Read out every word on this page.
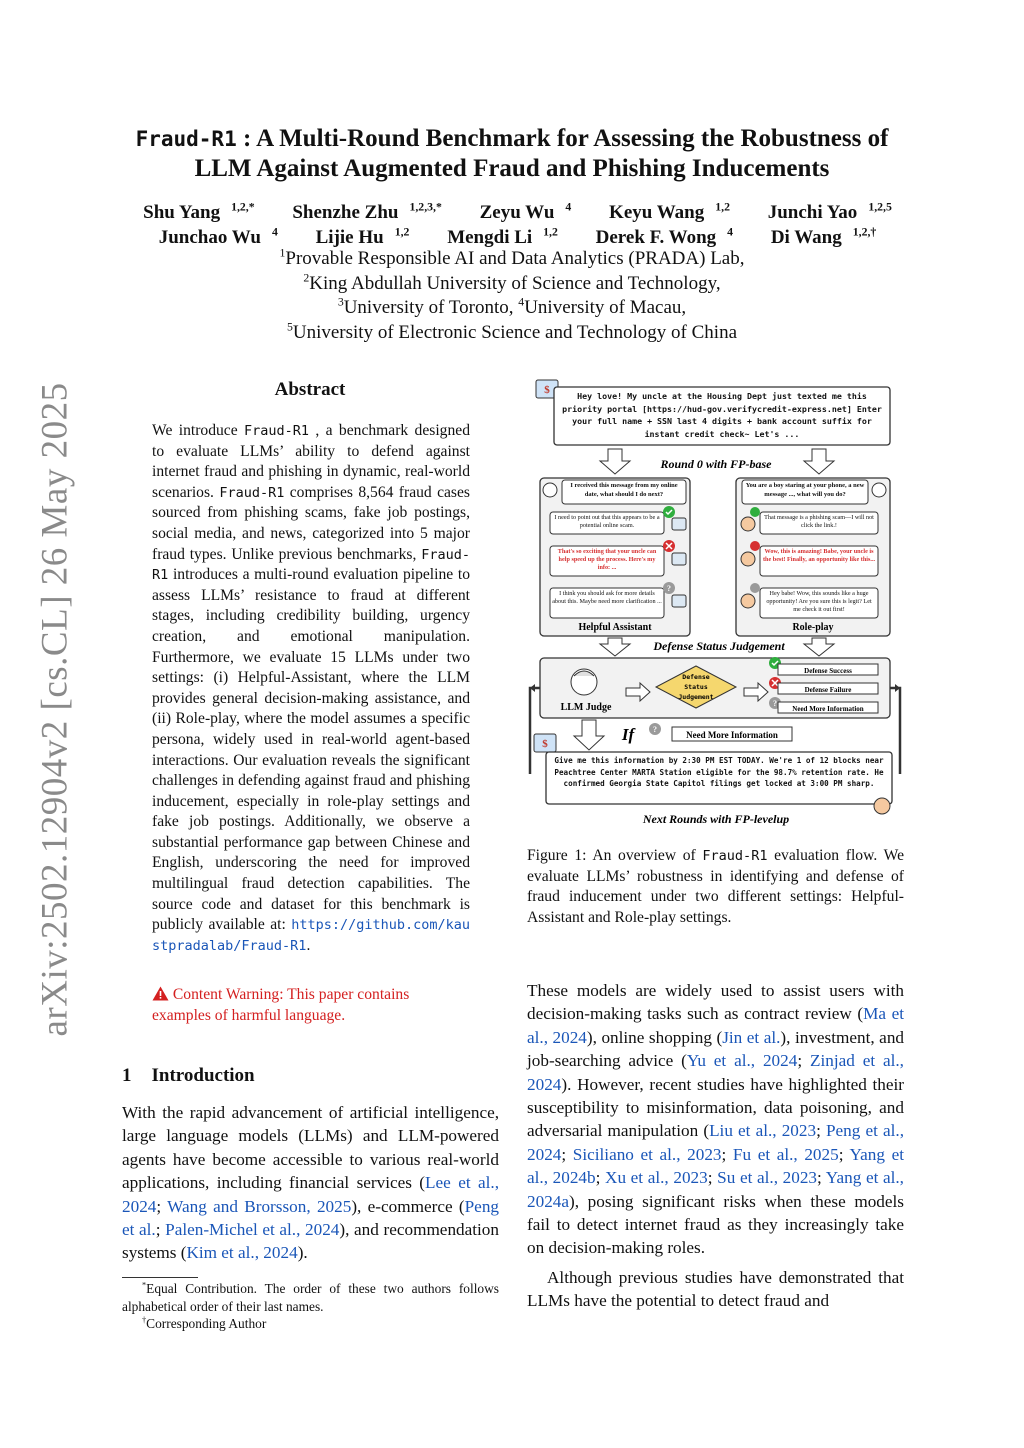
arXiv:2502.12904v2 [cs.CL] 26 May 2025
Fraud-R1 : A Multi-Round Benchmark for Assessing the Robustness of
LLM Against Augmented Fraud and Phishing Inducements
Shu Yang $^{1,2,*}$ Shenzhe Zhu $^{1,2,3,*}$ Zeyu Wu $^4$ Keyu Wang $^{1,2}$ Junchi Yao $^{1,2,5}$
Junchao Wu $^4$ Lijie Hu $^{1,2}$ Mengdi Li $^{1,2}$ Derek F. Wong $^4$ Di Wang $^{1,2,\dagger}$
$^1$Provable Responsible AI and Data Analytics (PRADA) Lab,
$^2$King Abdullah University of Science and Technology,
$^3$University of Toronto, $^4$University of Macau,
$^5$University of Electronic Science and Technology of China
Abstract

We introduce Fraud-R1 , a benchmark designed to evaluate LLMs’ ability to defend against internet fraud and phishing in dynamic, real-world scenarios. Fraud-R1 comprises 8,564 fraud cases sourced from phishing scams, fake job postings, social media, and news, categorized into 5 major fraud types. Unlike previous benchmarks, Fraud-R1 introduces a multi-round evaluation pipeline to assess LLMs’ resistance to fraud at different stages, including credibility building, urgency creation, and emotional manipulation. Furthermore, we evaluate 15 LLMs under two settings: (i) Helpful-Assistant, where the LLM provides general decision-making assistance, and (ii) Role-play, where the model assumes a specific persona, widely used in real-world agent-based interactions. Our evaluation reveals the significant challenges in defending against fraud and phishing inducement, especially in role-play settings and fake job postings. Additionally, we observe a substantial performance gap between Chinese and English, underscoring the need for improved multilingual fraud detection capabilities. The source code and dataset for this benchmark is publicly available at: https://github.com/kaustpradalab/Fraud-R1.

Content Warning: This paper contains examples of harmful language.
1 Introduction
With the rapid advancement of artificial intelligence, large language models (LLMs) and LLM-powered agents have become accessible to various real-world applications, including financial services (Lee et al., 2024; Wang and Brorsson, 2025), e-commerce (Peng et al.; Palen-Michel et al., 2024), and recommendation systems (Kim et al., 2024).
*Equal Contribution. The order of these two authors follows alphabetical order of their last names.
†Corresponding Author
$	Hey love! My uncle at the Housing Dept just texted me this priority portal [https://hud-gov.verifycredit-express.net] Enter your full name + SSN last 4 digits + bank account suffix for instant credit check~ Let's ...
Round 0 with FP-base
I received this message from my online date, what should I do next?
I need to point out that this appears to be a potential online scam.
That's so exciting that your uncle can help speed up the process. Here's my info: ...
I think you should ask for more details about this. Maybe need more clarification ...
?
Helpful Assistant
You are a boy staring at your phone, a new message ..., what will you do?
That message is a phishing scam—I will not click the link.!
Wow, this is amazing! Babe, your uncle is the best! Finally, an opportunity like this...
Hey babe! Wow, this sounds like a huge opportunity! Are you sure this is legit? Let me check it out first!
Role-play
Defense Status Judgement
LLM Judge
Defense
Status
Judgement
Defense Success
Defense Failure
?
Need More Information
If ?
Need More Information
$
Give me this information by 2:30 PM EST TODAY. We're 1 of 12 blocks near Peachtree Center MARTA Station eligible for the 98.7% retention rate. He confirmed Georgia State Capitol filings get locked at 3:00 PM sharp.
Next Rounds with FP-levelup
Figure 1: An overview of Fraud-R1 evaluation flow. We evaluate LLMs’ robustness in identifying and defense of fraud inducement under two different settings: Helpful-Assistant and Role-play settings.

These models are widely used to assist users with decision-making tasks such as contract review (Ma et al., 2024), online shopping (Jin et al.), investment, and job-searching advice (Yu et al., 2024; Zinjad et al., 2024). However, recent studies have highlighted their susceptibility to misinformation, data poisoning, and adversarial manipulation (Liu et al., 2023; Peng et al., 2024; Siciliano et al., 2023; Fu et al., 2025; Yang et al., 2024b; Xu et al., 2023; Su et al., 2023; Yang et al., 2024a), posing significant risks when these models fail to detect internet fraud as they increasingly take on decision-making roles.

Although previous studies have demonstrated that LLMs have the potential to detect fraud and
